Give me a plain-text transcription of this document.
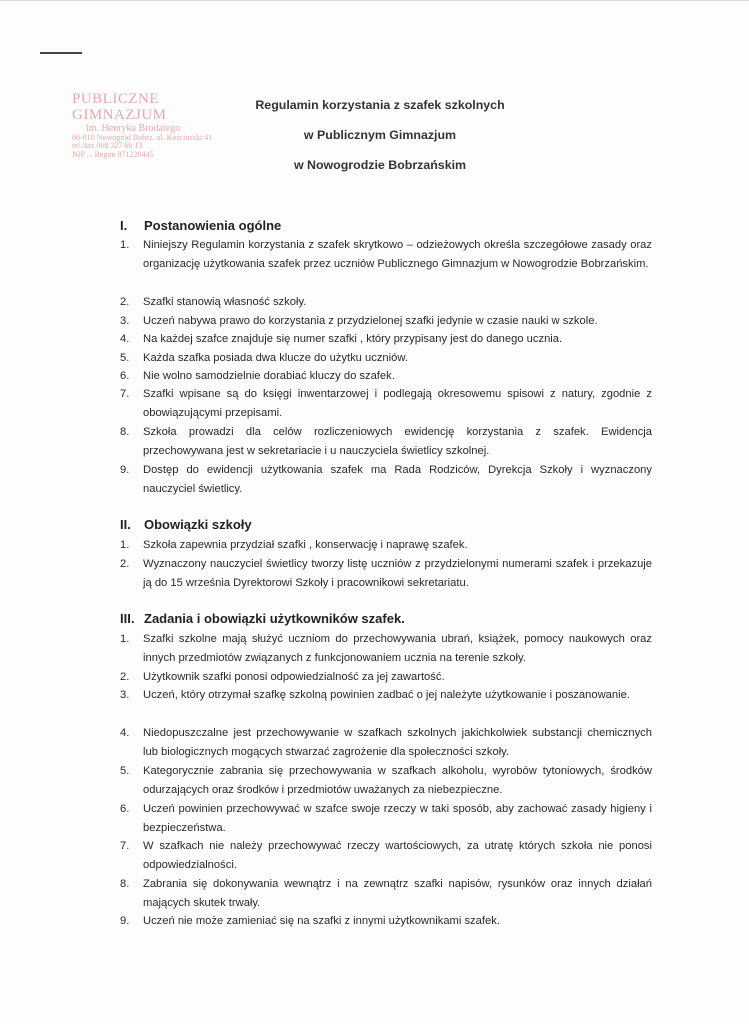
PUBLICZNE GIMNAZJUM
im. Henryka Brodatego
66-010 Nowogród Bobrz. ul. Kościuszki 41
tel./fax 068 327 66 13
NIP ... Regon 971220445
Regulamin korzystania z szafek szkolnych
w Publicznym Gimnazjum
w Nowogrodzie Bobrzańskim
I. Postanowienia ogólne
1.	Niniejszy Regulamin korzystania z szafek skrytkowo – odzieżowych określa szczegółowe zasady oraz organizację użytkowania szafek przez uczniów Publicznego Gimnazjum w Nowogrodzie Bobrzańskim.
2.	Szafki stanowią własność szkoły.
3.	Uczeń nabywa prawo do korzystania z przydzielonej szafki jedynie w czasie nauki w szkole.
4.	Na każdej szafce znajduje się numer szafki , który przypisany jest do danego ucznia.
5.	Każda szafka posiada dwa klucze do użytku uczniów.
6.	Nie wolno samodzielnie dorabiać kluczy do szafek.
7.	Szafki wpisane są do księgi inwentarzowej i podlegają okresowemu spisowi z natury, zgodnie z obowiązującymi przepisami.
8.	Szkoła prowadzi dla celów rozliczeniowych ewidencję korzystania z szafek. Ewidencja przechowywana jest w sekretariacie i u nauczyciela świetlicy szkolnej.
9.	Dostęp do ewidencji użytkowania szafek ma Rada Rodziców, Dyrekcja Szkoły i wyznaczony nauczyciel świetlicy.
II. Obowiązki szkoły
1.	Szkoła zapewnia przydział szafki , konserwację i naprawę szafek.
2.	Wyznaczony nauczyciel świetlicy tworzy listę uczniów z przydzielonymi numerami szafek i przekazuje ją do 15 września Dyrektorowi Szkoły i pracownikowi sekretariatu.
III. Zadania i obowiązki użytkowników szafek.
1.	Szafki szkolne mają służyć uczniom do przechowywania ubrań, książek, pomocy naukowych oraz innych przedmiotów związanych z funkcjonowaniem ucznia na terenie szkoły.
2.	Użytkownik szafki ponosi odpowiedzialność za jej zawartość.
3.	Uczeń, który otrzymał szafkę szkolną powinien zadbać o jej należyte użytkowanie i poszanowanie.
4.	Niedopuszczalne jest przechowywanie w szafkach szkolnych jakichkolwiek substancji chemicznych lub biologicznych mogących stwarzać zagrożenie dla społeczności szkoły.
5.	Kategorycznie zabrania się przechowywania w szafkach alkoholu, wyrobów tytoniowych, środków odurzających oraz środków i przedmiotów uważanych za niebezpieczne.
6.	Uczeń powinien przechowywać w szafce swoje rzeczy w taki sposób, aby zachować zasady higieny i bezpieczeństwa.
7.	W szafkach nie należy przechowywać rzeczy wartościowych, za utratę których szkoła nie ponosi odpowiedzialności.
8.	Zabrania się dokonywania wewnątrz i na zewnątrz szafki napisów, rysunków oraz innych działań mających skutek trwały.
9.	Uczeń nie może zamieniać się na szafki z innymi użytkownikami szafek.
